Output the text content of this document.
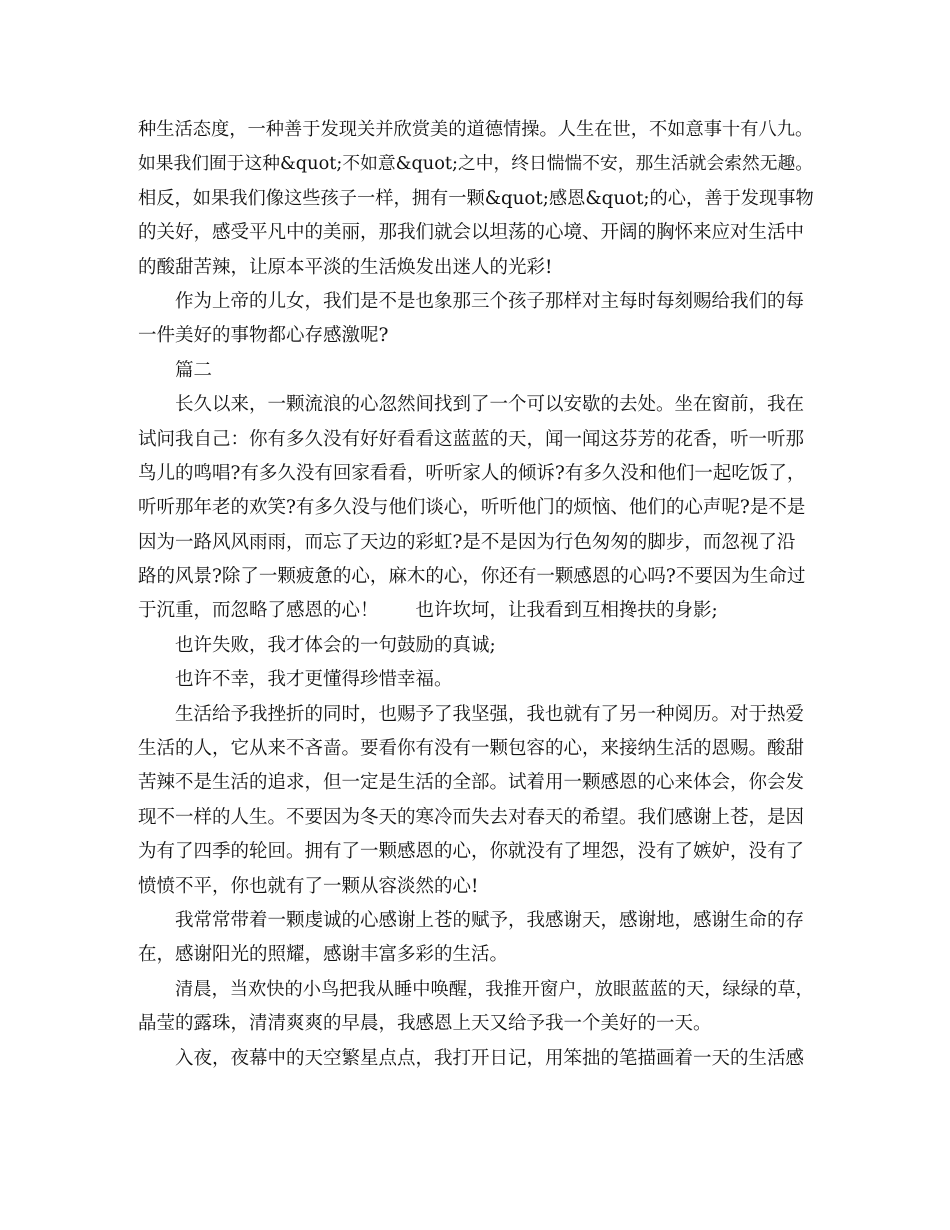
种生活态度，一种善于发现关并欣赏美的道德情操。人生在世，不如意事十有八九。
如果我们囿于这种&quot;不如意&quot;之中，终日惴惴不安，那生活就会索然无趣。
相反，如果我们像这些孩子一样，拥有一颗&quot;感恩&quot;的心，善于发现事物
的关好，感受平凡中的美丽，那我们就会以坦荡的心境、开阔的胸怀来应对生活中
的酸甜苦辣，让原本平淡的生活焕发出迷人的光彩!
作为上帝的儿女，我们是不是也象那三个孩子那样对主每时每刻赐给我们的每
一件美好的事物都心存感激呢?
篇二
长久以来，一颗流浪的心忽然间找到了一个可以安歇的去处。坐在窗前，我在
试问我自己：你有多久没有好好看看这蓝蓝的天，闻一闻这芬芳的花香，听一听那
鸟儿的鸣唱?有多久没有回家看看，听听家人的倾诉?有多久没和他们一起吃饭了，
听听那年老的欢笑?有多久没与他们谈心，听听他门的烦恼、他们的心声呢?是不是
因为一路风风雨雨，而忘了天边的彩虹?是不是因为行色匆匆的脚步，而忽视了沿
路的风景?除了一颗疲惫的心，麻木的心，你还有一颗感恩的心吗?不要因为生命过
于沉重，而忽略了感恩的心！　　也许坎坷，让我看到互相搀扶的身影;
也许失败，我才体会的一句鼓励的真诚;
也许不幸，我才更懂得珍惜幸福。
生活给予我挫折的同时，也赐予了我坚强，我也就有了另一种阅历。对于热爱
生活的人，它从来不吝啬。要看你有没有一颗包容的心，来接纳生活的恩赐。酸甜
苦辣不是生活的追求，但一定是生活的全部。试着用一颗感恩的心来体会，你会发
现不一样的人生。不要因为冬天的寒冷而失去对春天的希望。我们感谢上苍，是因
为有了四季的轮回。拥有了一颗感恩的心，你就没有了埋怨，没有了嫉妒，没有了
愤愤不平，你也就有了一颗从容淡然的心!
我常常带着一颗虔诚的心感谢上苍的赋予，我感谢天，感谢地，感谢生命的存
在，感谢阳光的照耀，感谢丰富多彩的生活。
清晨，当欢快的小鸟把我从睡中唤醒，我推开窗户，放眼蓝蓝的天，绿绿的草，
晶莹的露珠，清清爽爽的早晨，我感恩上天又给予我一个美好的一天。
入夜，夜幕中的天空繁星点点，我打开日记，用笨拙的笔描画着一天的生活感
